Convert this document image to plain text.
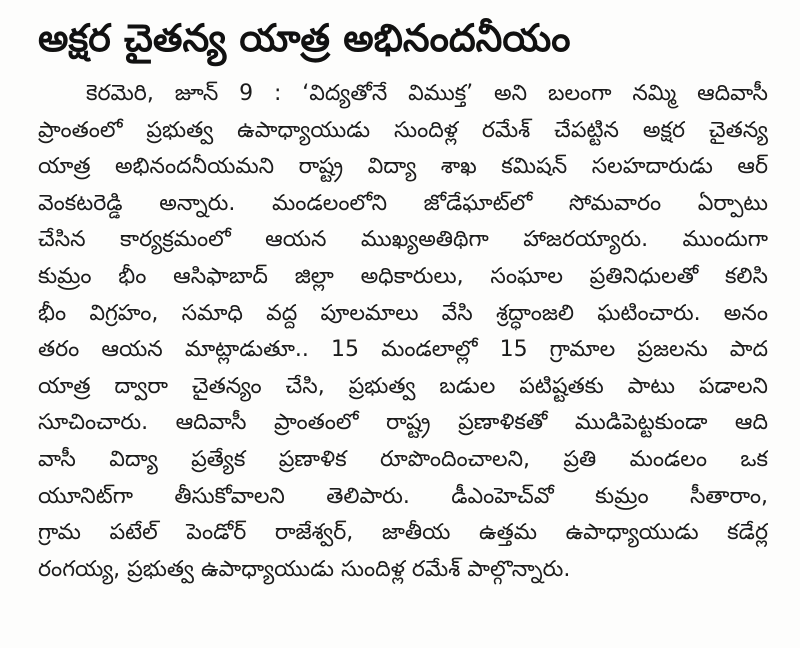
అక్షర చైతన్య యాత్ర అభినందనీయం
కెరమెరి, జూన్ 9 : ‘విద్యతోనే విముక్త’ అని బలంగా నమ్మి ఆదివాసీ
ప్రాంతంలో ప్రభుత్వ ఉపాధ్యాయుడు సుందిళ్ల రమేశ్ చేపట్టిన అక్షర చైతన్య
యాత్ర అభినందనీయమని రాష్ట్ర విద్యా శాఖ కమిషన్ సలహదారుడు ఆర్
వెంకటరెడ్డి అన్నారు. మండలంలోని జోడేఘాట్‌లో సోమవారం ఏర్పాటు
చేసిన కార్యక్రమంలో ఆయన ముఖ్యఅతిథిగా హాజరయ్యారు. ముందుగా
కుమ్రం భీం ఆసిఫాబాద్ జిల్లా అధికారులు, సంఘాల ప్రతినిధులతో కలిసి
భీం విగ్రహం, సమాధి వద్ద పూలమాలు వేసి శ్రద్ధాంజలి ఘటించారు. అనం
తరం ఆయన మాట్లాడుతూ.. 15 మండలాల్లో 15 గ్రామాల ప్రజలను పాద
యాత్ర ద్వారా చైతన్యం చేసి, ప్రభుత్వ బడుల పటిష్టతకు పాటు పడాలని
సూచించారు. ఆదివాసీ ప్రాంతంలో రాష్ట్ర ప్రణాళికతో ముడిపెట్టకుండా ఆది
వాసీ విద్యా ప్రత్యేక ప్రణాళిక రూపొందించాలని, ప్రతి మండలం ఒక
యూనిట్‌గా తీసుకోవాలని తెలిపారు. డీఎంహెచ్‌వో కుమ్రం సీతారాం,
గ్రామ పటేల్ పెండోర్ రాజేశ్వర్, జాతీయ ఉత్తమ ఉపాధ్యాయుడు కడేర్ల
రంగయ్య, ప్రభుత్వ ఉపాధ్యాయుడు సుందిళ్ల రమేశ్ పాల్గొన్నారు.
